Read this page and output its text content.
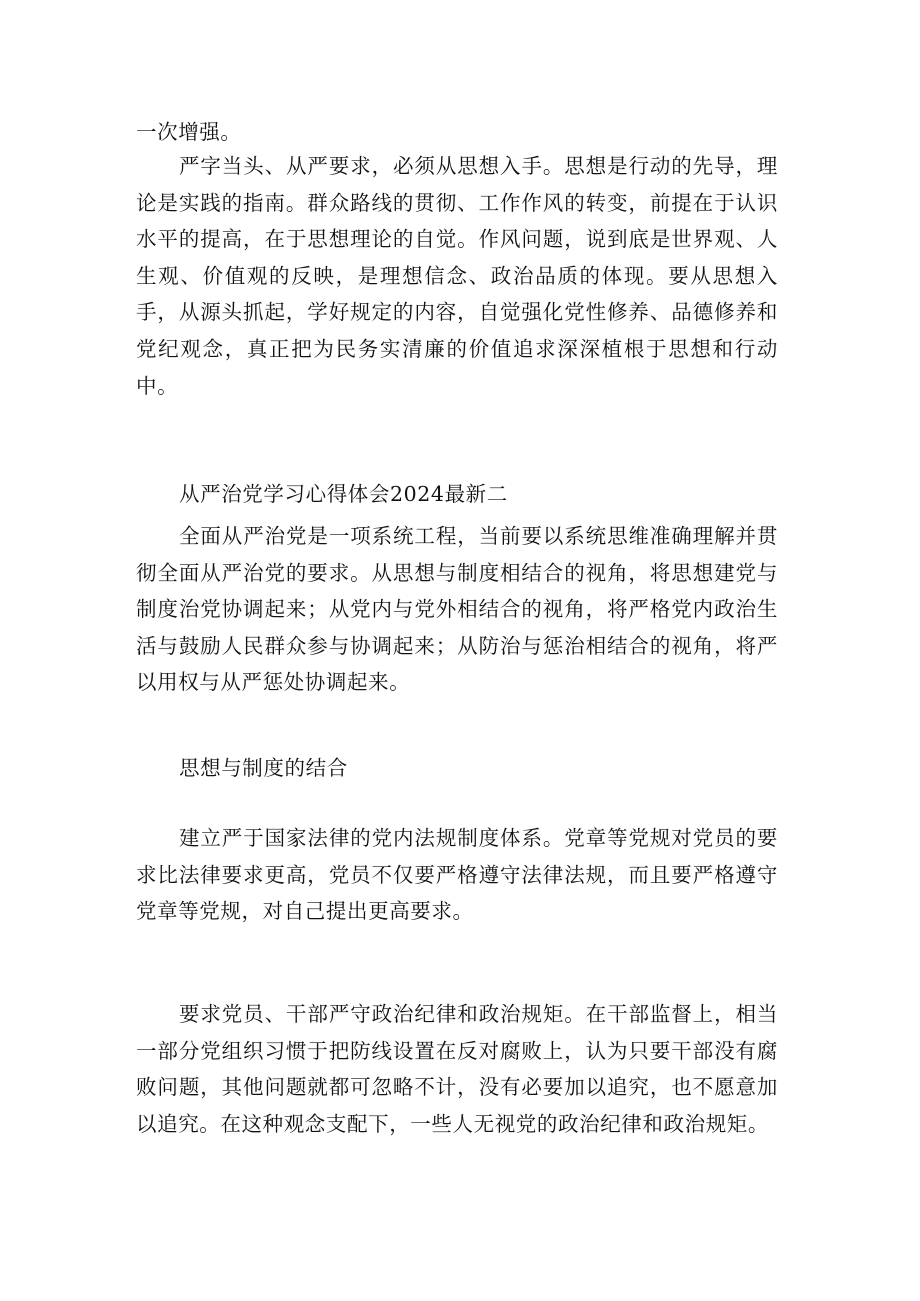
一次增强。

严字当头、从严要求，必须从思想入手。思想是行动的先导，理论是实践的指南。群众路线的贯彻、工作作风的转变，前提在于认识水平的提高，在于思想理论的自觉。作风问题，说到底是世界观、人生观、价值观的反映，是理想信念、政治品质的体现。要从思想入手，从源头抓起，学好规定的内容，自觉强化党性修养、品德修养和党纪观念，真正把为民务实清廉的价值追求深深植根于思想和行动中。

从严治党学习心得体会2024最新二

全面从严治党是一项系统工程，当前要以系统思维准确理解并贯彻全面从严治党的要求。从思想与制度相结合的视角，将思想建党与制度治党协调起来；从党内与党外相结合的视角，将严格党内政治生活与鼓励人民群众参与协调起来；从防治与惩治相结合的视角，将严以用权与从严惩处协调起来。

思想与制度的结合

建立严于国家法律的党内法规制度体系。党章等党规对党员的要求比法律要求更高，党员不仅要严格遵守法律法规，而且要严格遵守党章等党规，对自己提出更高要求。

要求党员、干部严守政治纪律和政治规矩。在干部监督上，相当一部分党组织习惯于把防线设置在反对腐败上，认为只要干部没有腐败问题，其他问题就都可忽略不计，没有必要加以追究，也不愿意加以追究。在这种观念支配下，一些人无视党的政治纪律和政治规矩。
